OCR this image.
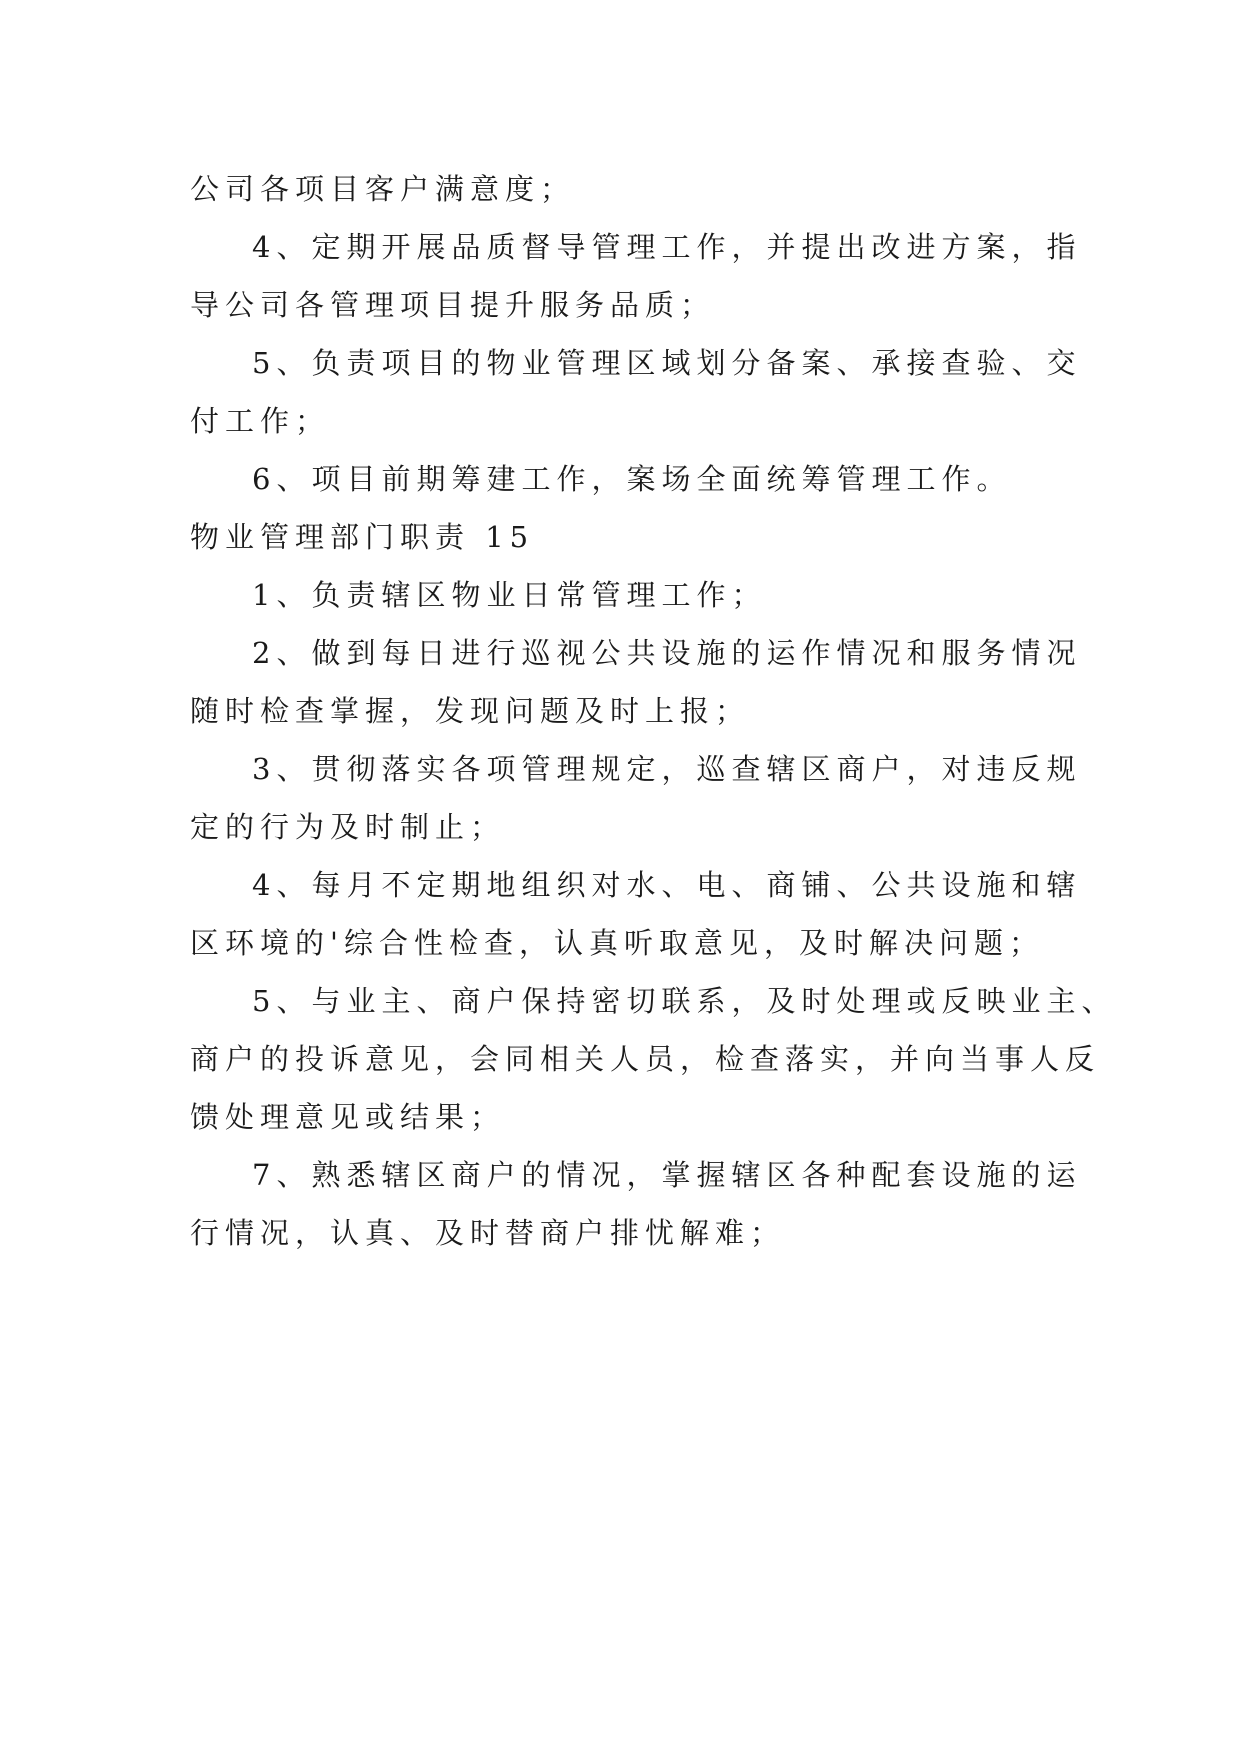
公司各项目客户满意度；

4、定期开展品质督导管理工作，并提出改进方案，指

导公司各管理项目提升服务品质；

5、负责项目的物业管理区域划分备案、承接查验、交

付工作；

6、项目前期筹建工作，案场全面统筹管理工作。

物业管理部门职责 15

1、负责辖区物业日常管理工作；

2、做到每日进行巡视公共设施的运作情况和服务情况

随时检查掌握，发现问题及时上报；

3、贯彻落实各项管理规定，巡查辖区商户，对违反规

定的行为及时制止；

4、每月不定期地组织对水、电、商铺、公共设施和辖

区环境的'综合性检查，认真听取意见，及时解决问题；

5、与业主、商户保持密切联系，及时处理或反映业主、

商户的投诉意见，会同相关人员，检查落实，并向当事人反

馈处理意见或结果；

7、熟悉辖区商户的情况，掌握辖区各种配套设施的运

行情况，认真、及时替商户排忧解难；
